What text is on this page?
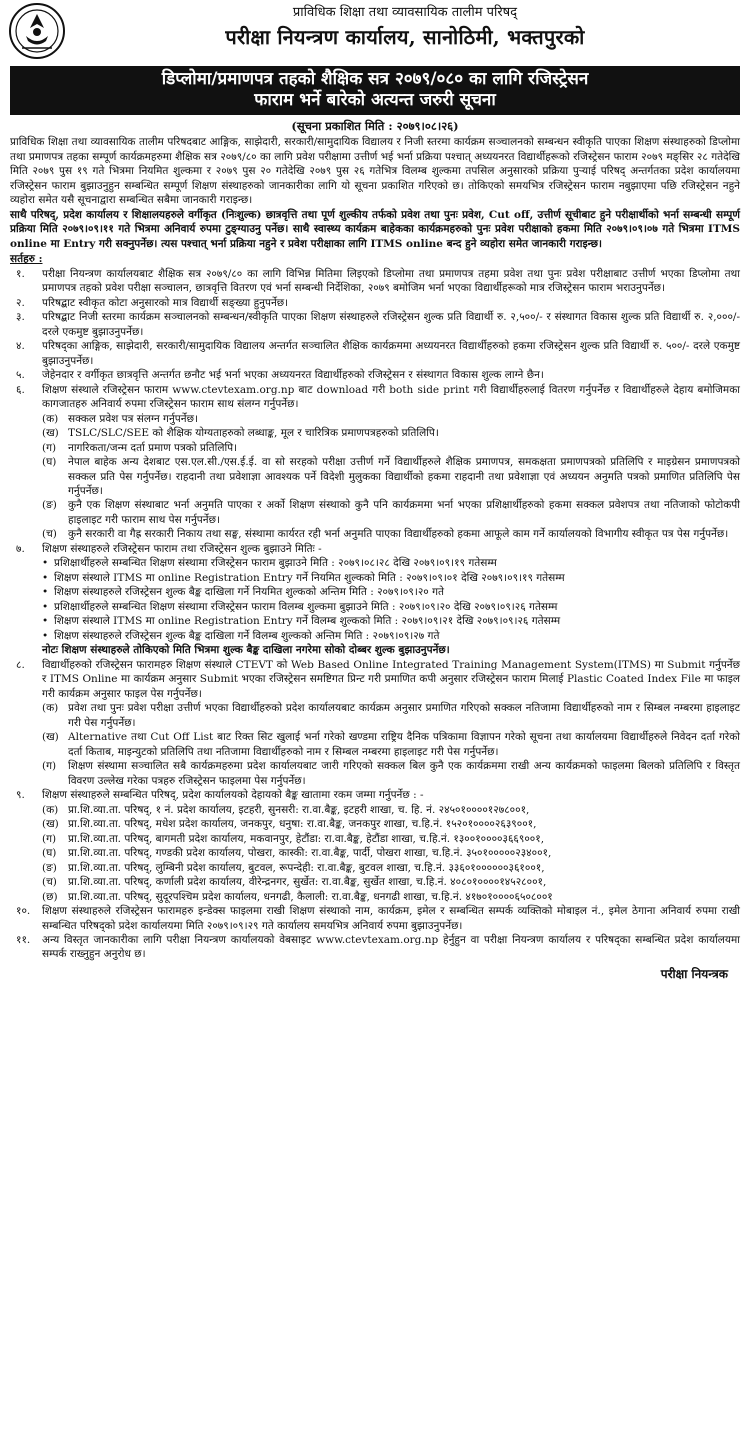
प्राविधिक शिक्षा तथा व्यावसायिक तालीम परिषद्
परीक्षा नियन्त्रण कार्यालय, सानोठिमी, भक्तपुरको
डिप्लोमा/प्रमाणपत्र तहको शैक्षिक सत्र २०७९/०८० का लागि रजिस्ट्रेसन
फाराम भर्ने बारेको अत्यन्त जरुरी सूचना
(सूचना प्रकाशित मिति : २०७९।०८।२६)

प्राविधिक शिक्षा तथा व्यावसायिक तालीम परिषदबाट आङ्गिक, साझेदारी, सरकारी/सामुदायिक विद्यालय र निजी स्तरमा कार्यक्रम सञ्चालनको सम्बन्धन स्वीकृति पाएका शिक्षण संस्थाहरुको डिप्लोमा तथा प्रमाणपत्र तहका सम्पूर्ण कार्यक्रमहरुमा शैक्षिक सत्र २०७९/८० का लागि प्रवेश परीक्षामा उत्तीर्ण भई भर्ना प्रक्रिया पश्चात् अध्ययनरत विद्यार्थीहरूको रजिस्ट्रेसन फाराम २०७९ मङ्सिर २८ गतेदेखि मिति २०७९ पुस १९ गते भित्रमा नियमित शुल्कमा र २०७९ पुस २० गतेदेखि २०७९ पुस २६ गतेभित्र विलम्ब शुल्कमा तपसिल अनुसारको प्रक्रिया पुऱ्याई परिषद् अन्तर्गतका प्रदेश कार्यालयमा रजिस्ट्रेसन फाराम बुझाउनुहुन सम्बन्धित सम्पूर्ण शिक्षण संस्थाहरुको जानकारीका लागि यो सूचना प्रकाशित गरिएको छ। तोकिएको समयभित्र रजिस्ट्रेसन फाराम नबुझाएमा पछि रजिस्ट्रेसन नहुने व्यहोरा समेत यसै सूचनाद्वारा सम्बन्धित सबैमा जानकारी गराइन्छ।

साथै परिषद्, प्रदेश कार्यालय र शिक्षालयहरुले वर्गीकृत (निःशुल्क) छात्रवृत्ति तथा पूर्ण शुल्कीय तर्फको प्रवेश तथा पुनः प्रवेश, Cut off, उत्तीर्ण सूचीबाट हुने परीक्षार्थीको भर्ना सम्बन्धी सम्पूर्ण प्रक्रिया मिति २०७९।०९।११ गते भित्रमा अनिवार्य रुपमा टुङ्ग्याउनु पर्नेछ। साथै स्वास्थ्य कार्यक्रम बाहेकका कार्यक्रमहरुको पुनः प्रवेश परीक्षाको हकमा मिति २०७९।०९।०७ गते भित्रमा ITMS online मा Entry गरी सक्नुपर्नेछ। त्यस पश्चात् भर्ना प्रक्रिया नहुने र प्रवेश परीक्षाका लागि ITMS online बन्द हुने व्यहोरा समेत जानकारी गराइन्छ।

सर्तहरु :
१.	परीक्षा नियन्त्रण कार्यालयबाट शैक्षिक सत्र २०७९/८० का लागि विभिन्न मितिमा लिइएको डिप्लोमा तथा प्रमाणपत्र तहमा प्रवेश तथा पुनः प्रवेश परीक्षाबाट उत्तीर्ण भएका डिप्लोमा तथा प्रमाणपत्र तहको प्रवेश परीक्षा सञ्चालन, छात्रवृत्ति वितरण एवं भर्ना सम्बन्धी निर्देशिका, २०७९ बमोजिम भर्ना भएका विद्यार्थीहरूको मात्र रजिस्ट्रेसन फाराम भराउनुपर्नेछ।
२.	परिषद्बाट स्वीकृत कोटा अनुसारको मात्र विद्यार्थी सङ्ख्या हुनुपर्नेछ।
३.	परिषद्बाट निजी स्तरमा कार्यक्रम सञ्चालनको सम्बन्धन/स्वीकृति पाएका शिक्षण संस्थाहरुले रजिस्ट्रेसन शुल्क प्रति विद्यार्थी रु. २,५००/- र संस्थागत विकास शुल्क प्रति विद्यार्थी रु. २,०००/- दरले एकमुष्ट बुझाउनुपर्नेछ।
४.	परिषद्का आङ्गिक, साझेदारी, सरकारी/सामुदायिक विद्यालय अन्तर्गत सञ्चालित शैक्षिक कार्यक्रममा अध्ययनरत विद्यार्थीहरुको हकमा रजिस्ट्रेसन शुल्क प्रति विद्यार्थी रु. ५००/- दरले एकमुष्ट बुझाउनुपर्नेछ।
५.	जेहेनदार र वर्गीकृत छात्रवृत्ति अन्तर्गत छनौट भई भर्ना भएका अध्ययनरत विद्यार्थीहरुको रजिस्ट्रेसन र संस्थागत विकास शुल्क लाग्ने छैन।
६.	शिक्षण संस्थाले रजिस्ट्रेसन फाराम www.ctevtexam.org.np बाट download गरी both side print गरी विद्यार्थीहरुलाई वितरण गर्नुपर्नेछ र विद्यार्थीहरुले देहाय बमोजिमका कागजातहरु अनिवार्य रुपमा रजिस्ट्रेसन फाराम साथ संलग्न गर्नुपर्नेछ।
(क) सक्कल प्रवेश पत्र संलग्न गर्नुपर्नेछ।
(ख) TSLC/SLC/SEE को शैक्षिक योग्यताहरुको लब्धाङ्क, मूल र चारित्रिक प्रमाणपत्रहरुको प्रतिलिपि।
(ग)	नागरिकता/जन्म दर्ता प्रमाण पत्रको प्रतिलिपि।
(घ)	नेपाल बाहेक अन्य देशबाट एस.एल.सी./एस.ई.ई. वा सो सरहको परीक्षा उत्तीर्ण गर्ने विद्यार्थीहरुले शैक्षिक प्रमाणपत्र, समकक्षता प्रमाणपत्रको प्रतिलिपि र माइग्रेसन प्रमाणपत्रको सक्कल प्रति पेस गर्नुपर्नेछ। राहदानी तथा प्रवेशाज्ञा आवश्यक पर्ने विदेशी मुलुकका विद्यार्थीको हकमा राहदानी तथा प्रवेशाज्ञा एवं अध्ययन अनुमति पत्रको प्रमाणित प्रतिलिपि पेस गर्नुपर्नेछ।
(ङ)	कुनै एक शिक्षण संस्थाबाट भर्ना अनुमति पाएका र अर्को शिक्षण संस्थाको कुनै पनि कार्यक्रममा भर्ना भएका प्रशिक्षार्थीहरुको हकमा सक्कल प्रवेशपत्र तथा नतिजाको फोटोकपी हाइलाइट गरी फाराम साथ पेस गर्नुपर्नेछ।
(च)	कुनै सरकारी वा गैह्र सरकारी निकाय तथा सङ्घ, संस्थामा कार्यरत रही भर्ना अनुमति पाएका विद्यार्थीहरुको हकमा आफूले काम गर्ने कार्यालयको विभागीय स्वीकृत पत्र पेस गर्नुपर्नेछ।
७.	शिक्षण संस्थाहरुले रजिस्ट्रेसन फाराम तथा रजिस्ट्रेसन शुल्क बुझाउने मितिः -
• प्रशिक्षार्थीहरुले सम्बन्धित शिक्षण संस्थामा रजिस्ट्रेसन फाराम बुझाउने मिति : २०७९।०८।२८ देखि २०७९।०९।१९ गतेसम्म
• शिक्षण संस्थाले ITMS मा online Registration Entry गर्ने नियमित शुल्कको मिति : २०७९।०९।०१ देखि २०७९।०९।१९ गतेसम्म
• शिक्षण संस्थाहरुले रजिस्ट्रेसन शुल्क बैङ्क दाखिला गर्ने नियमित शुल्कको अन्तिम मिति : २०७९।०९।२० गते
• प्रशिक्षार्थीहरुले सम्बन्धित शिक्षण संस्थामा रजिस्ट्रेसन फाराम विलम्ब शुल्कमा बुझाउने मिति : २०७९।०९।२० देखि २०७९।०९।२६ गतेसम्म
• शिक्षण संस्थाले ITMS मा online Registration Entry गर्ने विलम्ब शुल्कको मिति : २०७९।०९।२१ देखि २०७९।०९।२६ गतेसम्म
• शिक्षण संस्थाहरुले रजिस्ट्रेसन शुल्क बैङ्क दाखिला गर्ने विलम्ब शुल्कको अन्तिम मिति : २०७९।०९।२७ गते
नोटः शिक्षण संस्थाहरुले तोकिएको मिति भित्रमा शुल्क बैङ्क दाखिला नगरेमा सोको दोब्बर शुल्क बुझाउनुपर्नेछ।
८.	विद्यार्थीहरुको रजिस्ट्रेसन फारामहरु शिक्षण संस्थाले CTEVT को Web Based Online Integrated Training Management System(ITMS) मा Submit गर्नुपर्नेछ र ITMS Online मा कार्यक्रम अनुसार Submit भएका रजिस्ट्रेसन समष्टिगत प्रिन्ट गरी प्रमाणित कपी अनुसार रजिस्ट्रेसन फाराम मिलाई Plastic Coated Index File मा फाइल गरी कार्यक्रम अनुसार फाइल पेस गर्नुपर्नेछ।
(क) प्रवेश तथा पुनः प्रवेश परीक्षा उत्तीर्ण भएका विद्यार्थीहरुको प्रदेश कार्यालयबाट कार्यक्रम अनुसार प्रमाणित गरिएको सक्कल नतिजामा विद्यार्थीहरुको नाम र सिम्बल नम्बरमा हाइलाइट गरी पेस गर्नुपर्नेछ।
(ख) Alternative तथा Cut Off List बाट रिक्त सिट खुलाई भर्ना गरेको खण्डमा राष्ट्रिय दैनिक पत्रिकामा विज्ञापन गरेको सूचना तथा कार्यालयमा विद्यार्थीहरुले निवेदन दर्ता गरेको दर्ता किताब, माइन्युटको प्रतिलिपि तथा नतिजामा विद्यार्थीहरुको नाम र सिम्बल नम्बरमा हाइलाइट गरी पेस गर्नुपर्नेछ।
(ग)	शिक्षण संस्थामा सञ्चालित सबै कार्यक्रमहरुमा प्रदेश कार्यालयबाट जारी गरिएको सक्कल बिल कुनै एक कार्यक्रममा राखी अन्य कार्यक्रमको फाइलमा बिलको प्रतिलिपि र विस्तृत विवरण उल्लेख गरेका पत्रहरु रजिस्ट्रेसन फाइलमा पेस गर्नुपर्नेछ।
९.	शिक्षण संस्थाहरुले सम्बन्धित परिषद्, प्रदेश कार्यालयको देहायको बैङ्क खातामा रकम जम्मा गर्नुपर्नेछ : -
(क) प्रा.शि.व्या.ता. परिषद्, १ नं. प्रदेश कार्यालय, इटहरी, सुनसरी: रा.वा.बैङ्क, इटहरी शाखा, च. हि. नं. २४५०१००००१२७८००१,
(ख) प्रा.शि.व्या.ता. परिषद्, मधेश प्रदेश कार्यालय, जनकपुर, धनुषा: रा.वा.बैङ्क, जनकपुर शाखा, च.हि.नं. १५२०१००००२६३९००१,
(ग)	प्रा.शि.व्या.ता. परिषद्, बागमती प्रदेश कार्यालय, मकवानपुर, हेटौंडा: रा.वा.बैङ्क, हेटौंडा शाखा, च.हि.नं. १३००१००००३६६९००१,
(घ)	प्रा.शि.व्या.ता. परिषद्, गण्डकी प्रदेश कार्यालय, पोखरा, कास्की: रा.वा.बैङ्क, पार्दी, पोखरा शाखा, च.हि.नं. ३५०१०००००२३४००१,
(ङ)	प्रा.शि.व्या.ता. परिषद्, लुम्बिनी प्रदेश कार्यालय, बुटवल, रूपन्देही: रा.वा.बैङ्क, बुटवल शाखा, च.हि.नं. ३३६०१००००००३६१००१,
(च)	प्रा.शि.व्या.ता. परिषद्, कर्णाली प्रदेश कार्यालय, वीरेन्द्रनगर, सुर्खेत: रा.वा.बैङ्क, सुर्खेत शाखा, च.हि.नं. ४०८०१००००१४५२८००१,
(छ) प्रा.शि.व्या.ता. परिषद्, सुदूरपश्चिम प्रदेश कार्यालय, धनगढी, कैलाली: रा.वा.बैङ्क, धनगढी शाखा, च.हि.नं. ४१७०१००००६५०८००१
१०.	शिक्षण संस्थाहरुले रजिस्ट्रेसन फारामहरु इन्डेक्स फाइलमा राखी शिक्षण संस्थाको नाम, कार्यक्रम, इमेल र सम्बन्धित सम्पर्क व्यक्तिको मोबाइल नं., इमेल ठेगाना अनिवार्य रुपमा राखी सम्बन्धित परिषद्को प्रदेश कार्यालयमा मिति २०७९।०९।२९ गते कार्यालय समयभित्र अनिवार्य रुपमा बुझाउनुपर्नेछ।
११.	अन्य विस्तृत जानकारीका लागि परीक्षा नियन्त्रण कार्यालयको वेबसाइट www.ctevtexam.org.np हेर्नुहुन वा परीक्षा नियन्त्रण कार्यालय र परिषद्का सम्बन्धित प्रदेश कार्यालयमा सम्पर्क राख्नुहुन अनुरोध छ।
परीक्षा नियन्त्रक
